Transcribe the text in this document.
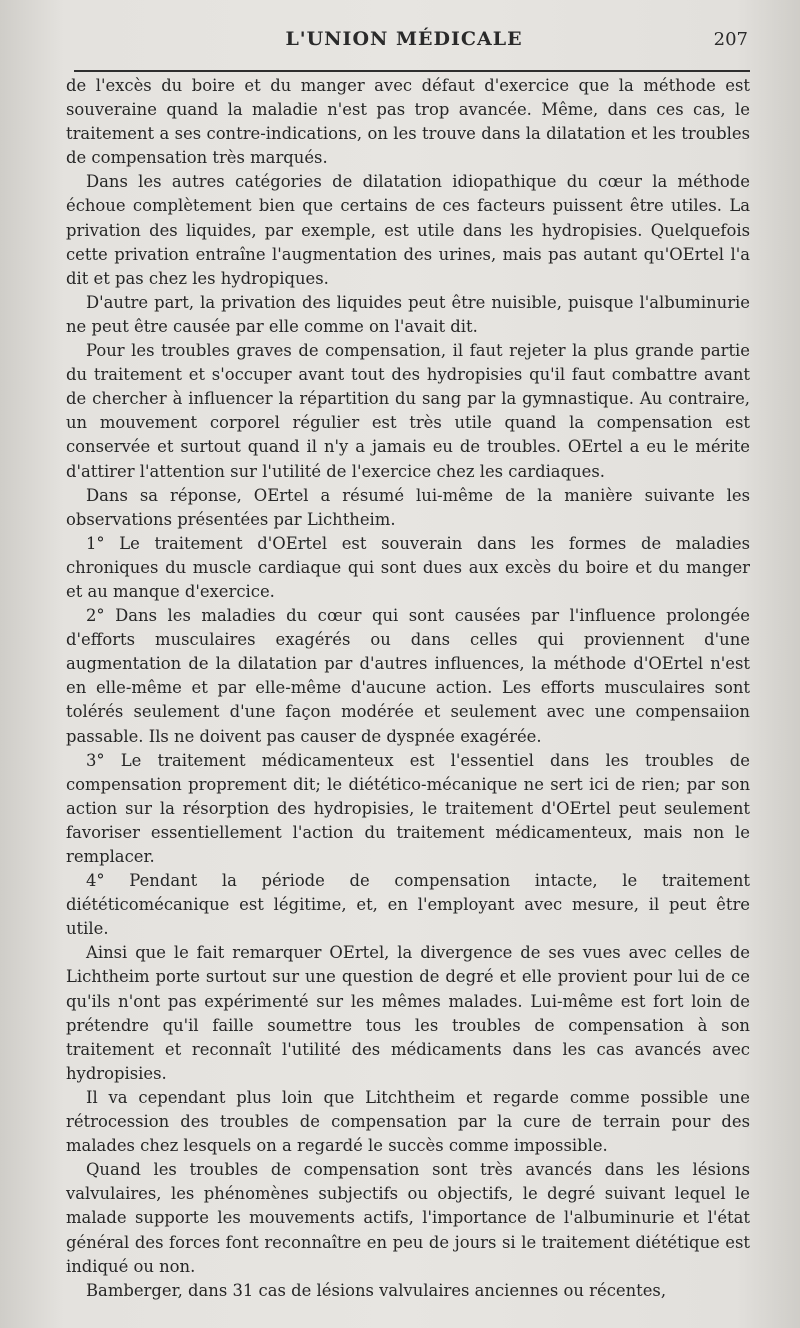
L'UNION MÉDICALE	207

de l'excès du boire et du manger avec défaut d'exercice que la méthode est souveraine quand la maladie n'est pas trop avancée. Même, dans ces cas, le traitement a ses contre-indications, on les trouve dans la dilatation et les troubles de compensation très marqués.

Dans les autres catégories de dilatation idiopathique du cœur la méthode échoue complètement bien que certains de ces facteurs puissent être utiles. La privation des liquides, par exemple, est utile dans les hydropisies. Quelquefois cette privation entraîne l'augmentation des urines, mais pas autant qu'OErtel l'a dit et pas chez les hydropiques.

D'autre part, la privation des liquides peut être nuisible, puisque l'albuminurie ne peut être causée par elle comme on l'avait dit.

Pour les troubles graves de compensation, il faut rejeter la plus grande partie du traitement et s'occuper avant tout des hydropisies qu'il faut combattre avant de chercher à influencer la répartition du sang par la gymnastique. Au contraire, un mouvement corporel régulier est très utile quand la compensation est conservée et surtout quand il n'y a jamais eu de troubles. OErtel a eu le mérite d'attirer l'attention sur l'utilité de l'exercice chez les cardiaques.

Dans sa réponse, OErtel a résumé lui-même de la manière suivante les observations présentées par Lichtheim.

1° Le traitement d'OErtel est souverain dans les formes de maladies chroniques du muscle cardiaque qui sont dues aux excès du boire et du manger et au manque d'exercice.

2° Dans les maladies du cœur qui sont causées par l'influence prolongée d'efforts musculaires exagérés ou dans celles qui proviennent d'une augmentation de la dilatation par d'autres influences, la méthode d'OErtel n'est en elle-même et par elle-même d'aucune action. Les efforts musculaires sont tolérés seulement d'une façon modérée et seulement avec une compensaiion passable. Ils ne doivent pas causer de dyspnée exagérée.

3° Le traitement médicamenteux est l'essentiel dans les troubles de compensation proprement dit; le diétético-mécanique ne sert ici de rien; par son action sur la résorption des hydropisies, le traitement d'OErtel peut seulement favoriser essentiellement l'action du traitement médicamenteux, mais non le remplacer.

4° Pendant la période de compensation intacte, le traitement diététicomécanique est légitime, et, en l'employant avec mesure, il peut être utile.

Ainsi que le fait remarquer OErtel, la divergence de ses vues avec celles de Lichtheim porte surtout sur une question de degré et elle provient pour lui de ce qu'ils n'ont pas expérimenté sur les mêmes malades. Lui-même est fort loin de prétendre qu'il faille soumettre tous les troubles de compensation à son traitement et reconnaît l'utilité des médicaments dans les cas avancés avec hydropisies.

Il va cependant plus loin que Litchtheim et regarde comme possible une rétrocession des troubles de compensation par la cure de terrain pour des malades chez lesquels on a regardé le succès comme impossible.

Quand les troubles de compensation sont très avancés dans les lésions valvulaires, les phénomènes subjectifs ou objectifs, le degré suivant lequel le malade supporte les mouvements actifs, l'importance de l'albuminurie et l'état général des forces font reconnaître en peu de jours si le traitement diététique est indiqué ou non.

Bamberger, dans 31 cas de lésions valvulaires anciennes ou récentes,
